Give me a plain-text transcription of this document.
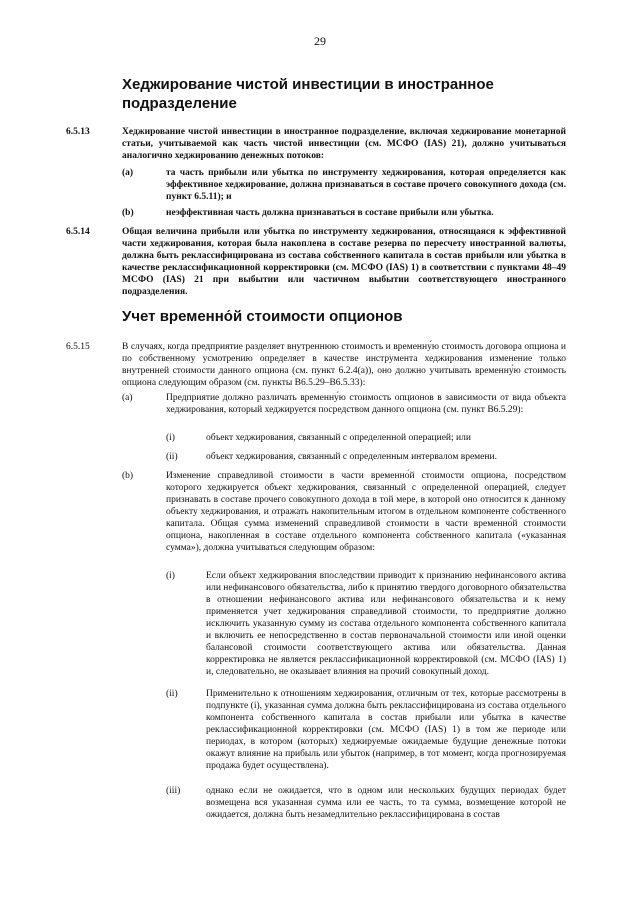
29
Хеджирование чистой инвестиции в иностранное
подразделение
6.5.13	Хеджирование чистой инвестиции в иностранное подразделение, включая хеджирование монетарной статьи, учитываемой как часть чистой инвестиции (см. МСФО (IAS) 21), должно учитываться аналогично хеджированию денежных потоков:
(a)	та часть прибыли или убытка по инструменту хеджирования, которая определяется как эффективное хеджирование, должна признаваться в составе прочего совокупного дохода (см. пункт 6.5.11); и
(b)	неэффективная часть должна признаваться в составе прибыли или убытка.
6.5.14	Общая величина прибыли или убытка по инструменту хеджирования, относящаяся к эффективной части хеджирования, которая была накоплена в составе резерва по пересчету иностранной валюты, должна быть реклассифицирована из состава собственного капитала в состав прибыли или убытка в качестве реклассификационной корректировки (см. МСФО (IAS) 1) в соответствии с пунктами 48–49 МСФО (IAS) 21 при выбытии или частичном выбытии соответствующего иностранного подразделения.
Учет временно́й стоимости опционов
6.5.15	В случаях, когда предприятие разделяет внутреннюю стоимость и временну́ю стоимость договора опциона и по собственному усмотрению определяет в качестве инструмента хеджирования изменение только внутренней стоимости данного опциона (см. пункт 6.2.4(a)), оно должно учитывать временну́ю стоимость опциона следующим образом (см. пункты B6.5.29–B6.5.33):
(a)	Предприятие должно различать временну́ю стоимость опционов в зависимости от вида объекта хеджирования, который хеджируется посредством данного опциона (см. пункт B6.5.29):
(i)	объект хеджирования, связанный с определенной операцией; или
(ii)	объект хеджирования, связанный с определенным интервалом времени.
(b)	Изменение справедливой стоимости в части временно́й стоимости опциона, посредством которого хеджируется объект хеджирования, связанный с определенной операцией, следует признавать в составе прочего совокупного дохода в той мере, в которой оно относится к данному объекту хеджирования, и отражать накопительным итогом в отдельном компоненте собственного капитала. Общая сумма изменений справедливой стоимости в части временно́й стоимости опциона, накопленная в составе отдельного компонента собственного капитала («указанная сумма»), должна учитываться следующим образом:
(i)	Если объект хеджирования впоследствии приводит к признанию нефинансового актива или нефинансового обязательства, либо к принятию твердого договорного обязательства в отношении нефинансового актива или нефинансового обязательства и к нему применяется учет хеджирования справедливой стоимости, то предприятие должно исключить указанную сумму из состава отдельного компонента собственного капитала и включить ее непосредственно в состав первоначальной стоимости или иной оценки балансовой стоимости соответствующего актива или обязательства. Данная корректировка не является реклассификационной корректировкой (см. МСФО (IAS) 1) и, следовательно, не оказывает влияния на прочий совокупный доход.
(ii)	Применительно к отношениям хеджирования, отличным от тех, которые рассмотрены в подпункте (i), указанная сумма должна быть реклассифицирована из состава отдельного компонента собственного капитала в состав прибыли или убытка в качестве реклассификационной корректировки (см. МСФО (IAS) 1) в том же периоде или периодах, в котором (которых) хеджируемые ожидаемые будущие денежные потоки окажут влияние на прибыль или убыток (например, в тот момент, когда прогнозируемая продажа будет осуществлена).
(iii)	однако если не ожидается, что в одном или нескольких будущих периодах будет возмещена вся указанная сумма или ее часть, то та сумма, возмещение которой не ожидается, должна быть незамедлительно реклассифицирована в состав
